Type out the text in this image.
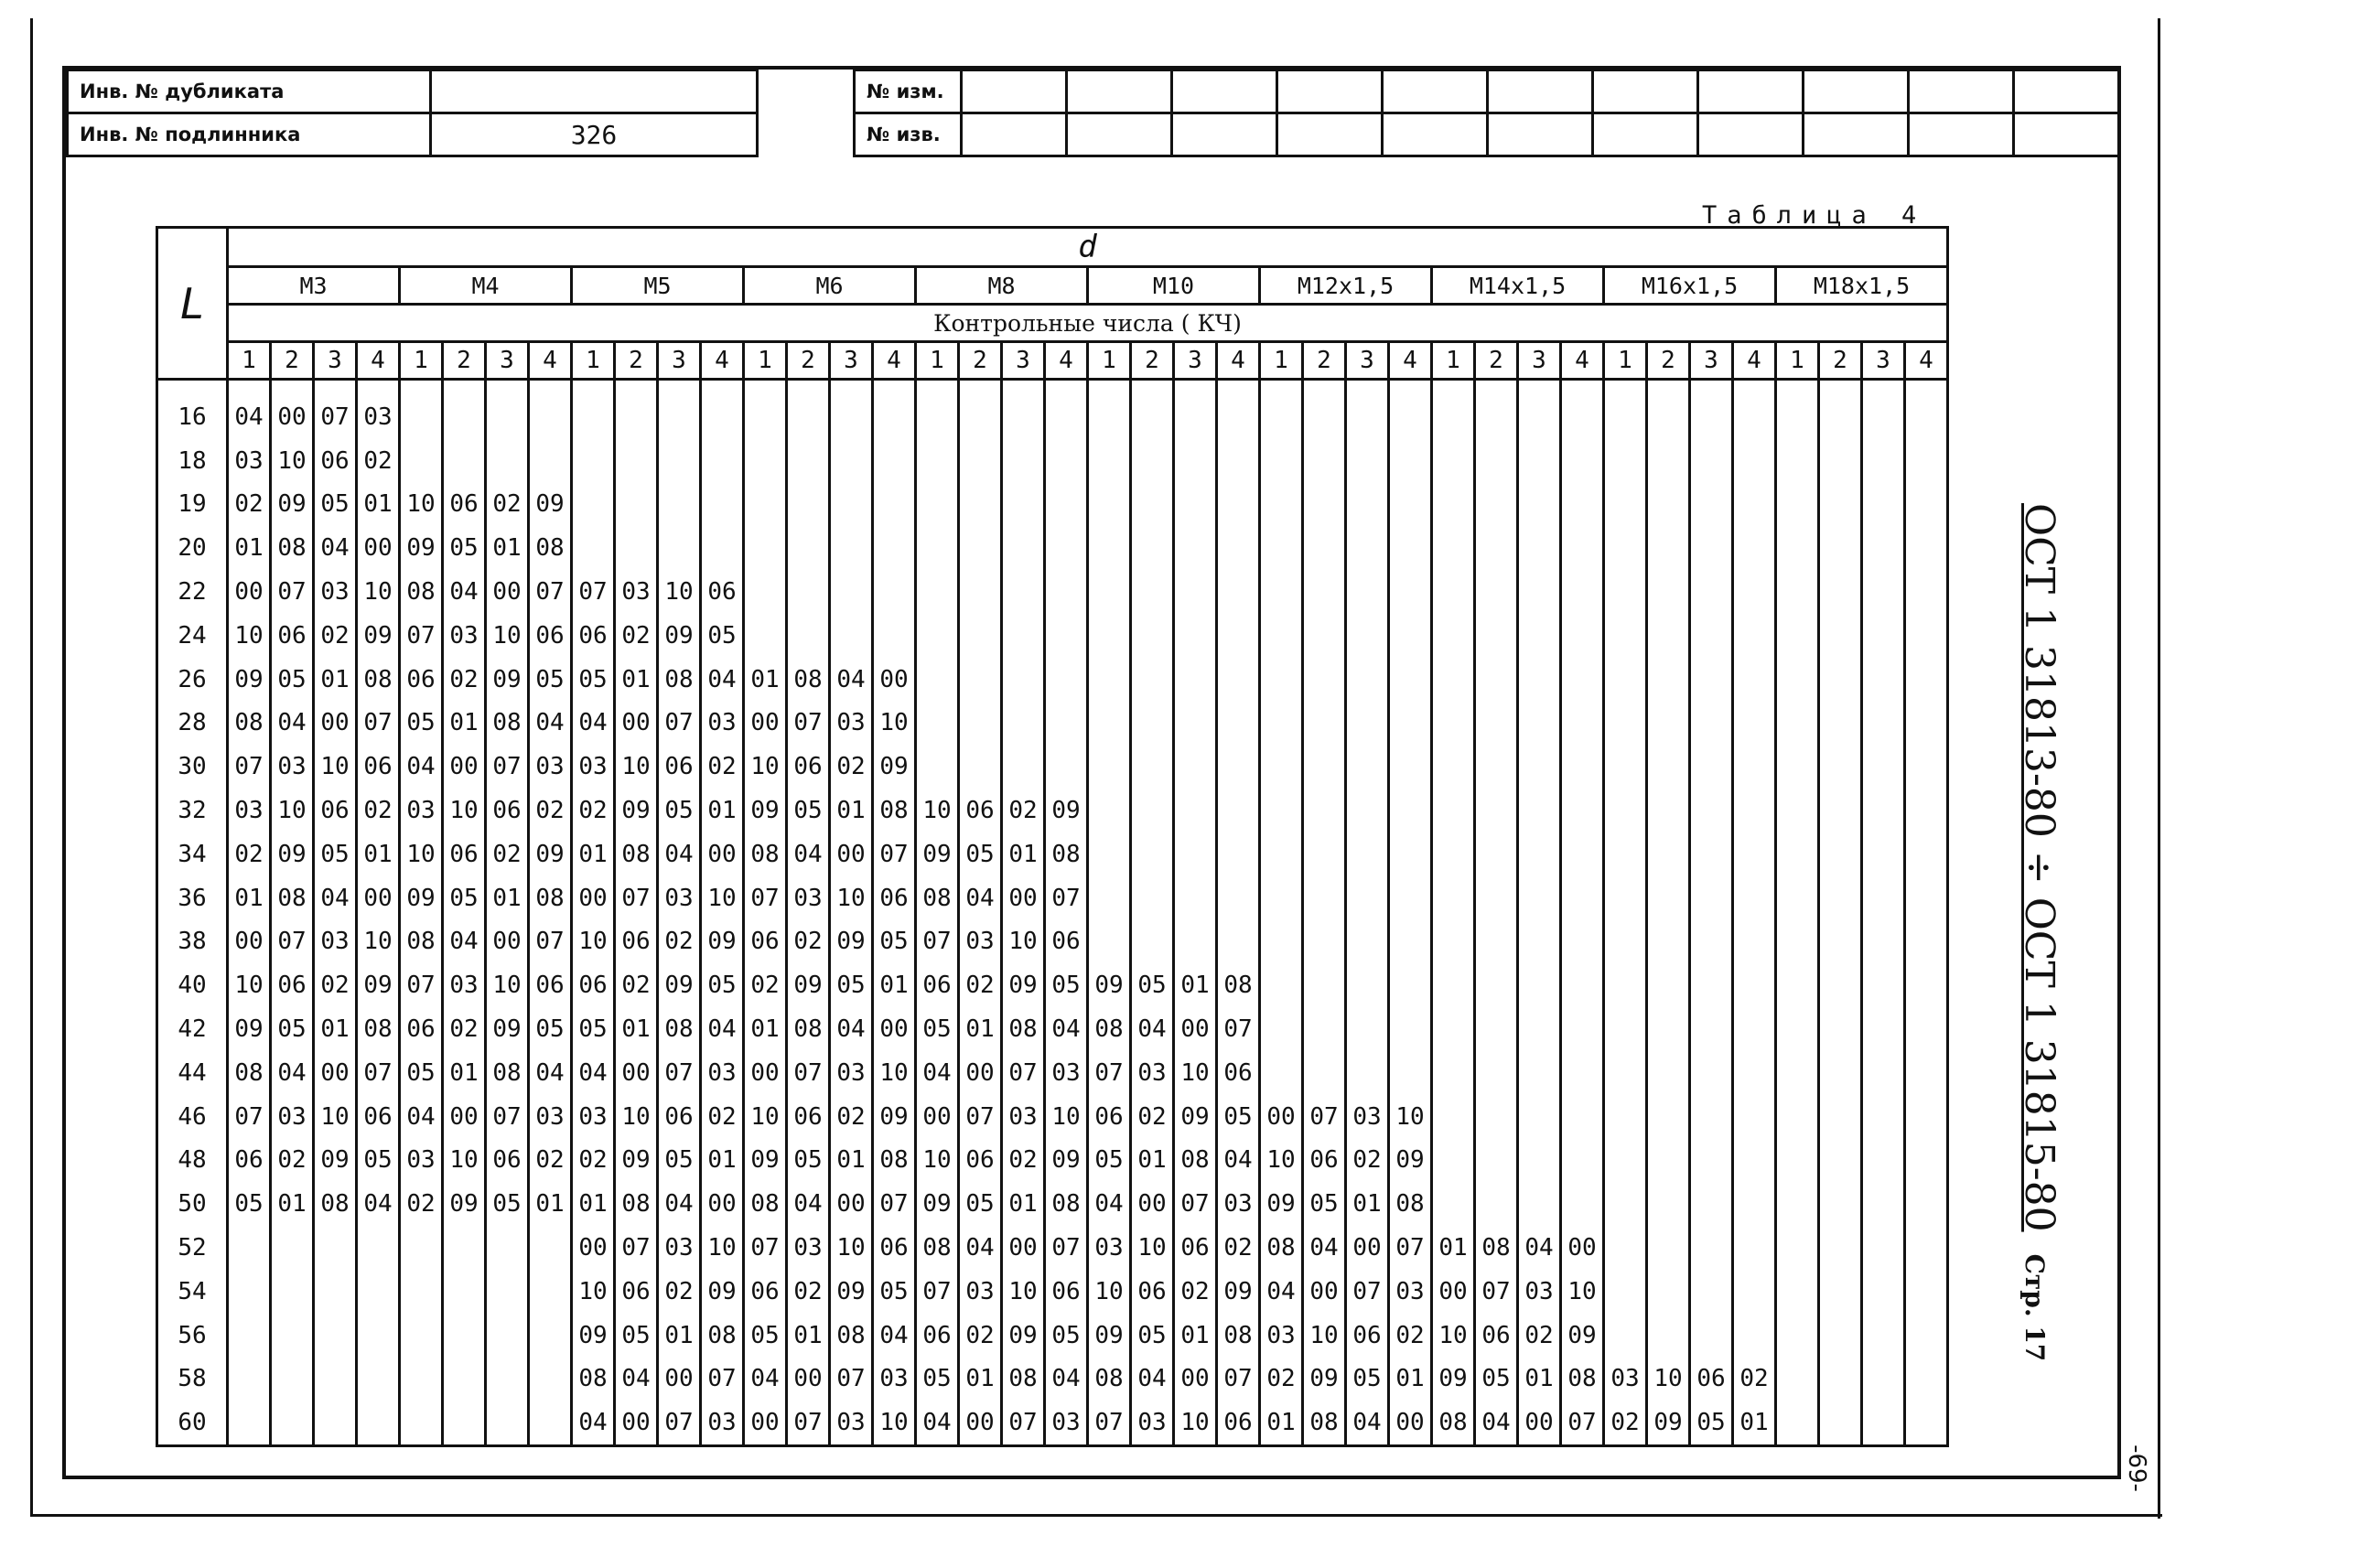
Инв. № дубликата	
Инв. № подлинника	326
№ изм.											
№ изв.											
Таблица 4
L	d																																							
	М3				М4				М5				М6				М8				М10				М12x1,5				М14x1,5				М16x1,5				М18x1,5			
	Контрольные числа ( КЧ)																																							
	1	2	3	4	1	2	3	4	1	2	3	4	1	2	3	4	1	2	3	4	1	2	3	4	1	2	3	4	1	2	3	4	1	2	3	4	1	2	3	4

16	04	00	07	03																																				
18	03	10	06	02																																				
19	02	09	05	01	10	06	02	09																																
20	01	08	04	00	09	05	01	08																																
22	00	07	03	10	08	04	00	07	07	03	10	06																												
24	10	06	02	09	07	03	10	06	06	02	09	05																												
26	09	05	01	08	06	02	09	05	05	01	08	04	01	08	04	00																								
28	08	04	00	07	05	01	08	04	04	00	07	03	00	07	03	10																								
30	07	03	10	06	04	00	07	03	03	10	06	02	10	06	02	09																								
32	03	10	06	02	03	10	06	02	02	09	05	01	09	05	01	08	10	06	02	09																				
34	02	09	05	01	10	06	02	09	01	08	04	00	08	04	00	07	09	05	01	08																				
36	01	08	04	00	09	05	01	08	00	07	03	10	07	03	10	06	08	04	00	07																				
38	00	07	03	10	08	04	00	07	10	06	02	09	06	02	09	05	07	03	10	06																				
40	10	06	02	09	07	03	10	06	06	02	09	05	02	09	05	01	06	02	09	05	09	05	01	08																
42	09	05	01	08	06	02	09	05	05	01	08	04	01	08	04	00	05	01	08	04	08	04	00	07																
44	08	04	00	07	05	01	08	04	04	00	07	03	00	07	03	10	04	00	07	03	07	03	10	06																
46	07	03	10	06	04	00	07	03	03	10	06	02	10	06	02	09	00	07	03	10	06	02	09	05	00	07	03	10												
48	06	02	09	05	03	10	06	02	02	09	05	01	09	05	01	08	10	06	02	09	05	01	08	04	10	06	02	09												
50	05	01	08	04	02	09	05	01	01	08	04	00	08	04	00	07	09	05	01	08	04	00	07	03	09	05	01	08												
52									00	07	03	10	07	03	10	06	08	04	00	07	03	10	06	02	08	04	00	07	01	08	04	00								
54									10	06	02	09	06	02	09	05	07	03	10	06	10	06	02	09	04	00	07	03	00	07	03	10								
56									09	05	01	08	05	01	08	04	06	02	09	05	09	05	01	08	03	10	06	02	10	06	02	09								
58									08	04	00	07	04	00	07	03	05	01	08	04	08	04	00	07	02	09	05	01	09	05	01	08	03	10	06	02				
60									04	00	07	03	00	07	03	10	04	00	07	03	07	03	10	06	01	08	04	00	08	04	00	07	02	09	05	01				
ОСТ 1 31813-80 ÷ ОСТ 1 31815-80Стр. 17
-69-
